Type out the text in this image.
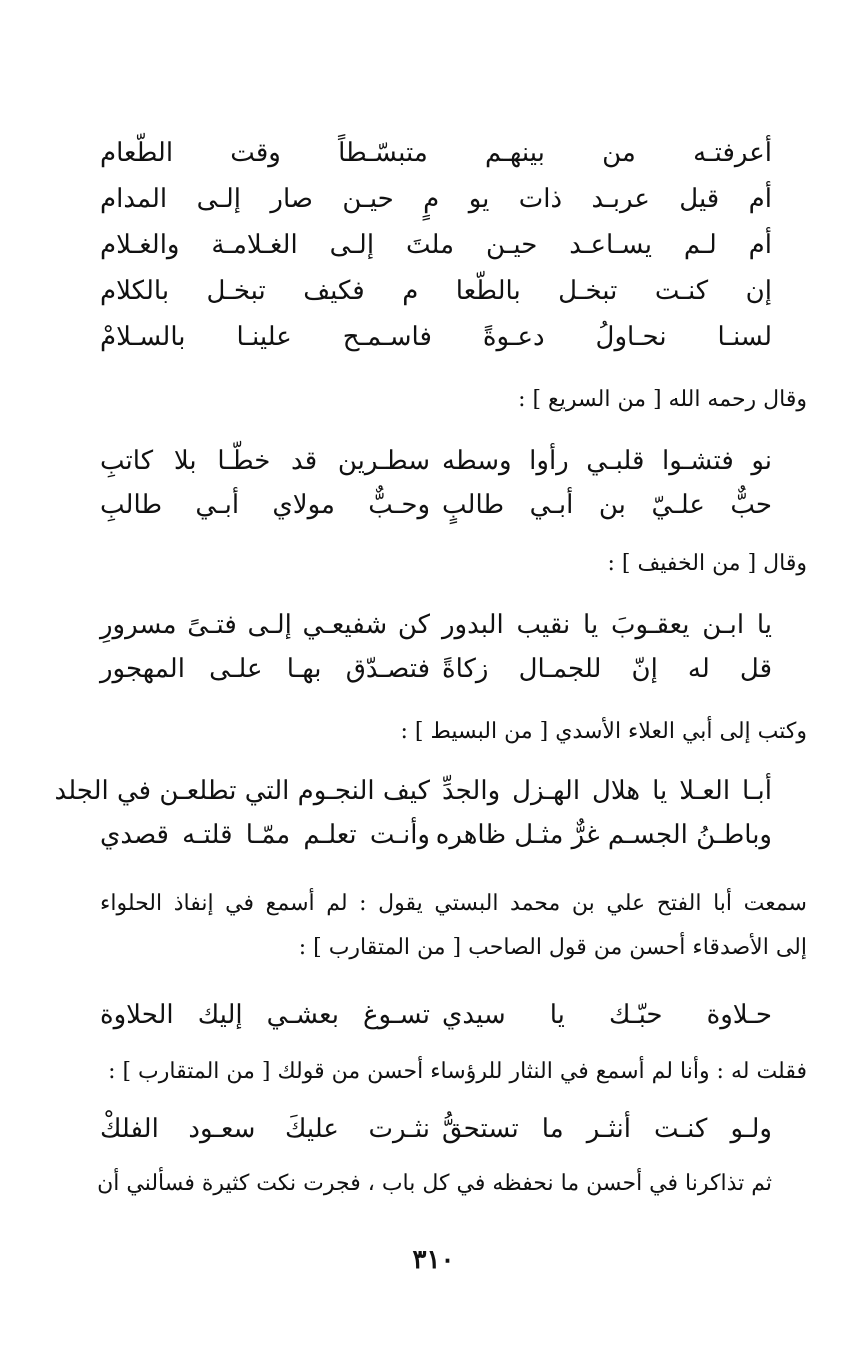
أعرفتـه من بينهـم متبسّـطاً وقت الطّعام
أم قيل عربـد ذات يو مٍ حيـن صار إلـى المدام
أم لـم يسـاعـد حيـن ملتَ إلـى الغـلامـة والغـلام
إن كنـت تبخـل بالطّعا م فكيف تبخـل بالكلام
لسنـا نحـاولُ دعـوةً فاسـمـح علينـا بالسـلامْ
وقال رحمه الله [ من السريع ] :
نو فتشـوا قلبـي رأوا وسطه
سطـرين قد خطّـا بلا كاتبِ
حبٌّ علـيّ بن أبـي طالبٍ
وحـبٌّ مولاي أبـي طالبِ
وقال [ من الخفيف ] :
يا ابـن يعقـوبَ يا نقيب البدور
كن شفيعـي إلـى فتـىً مسرورِ
قل له إنّ للجمـال زكاةً
فتصـدّق بهـا علـى المهجور
وكتب إلى أبي العلاء الأسدي [ من البسيط ] :
أبـا العـلا يا هلال الهـزل والجدِّ
كيف النجـوم التي تطلعـن في الجلد
وباطـنُ الجسـم غرٌّ مثـل ظاهره
وأنـت تعلـم ممّـا قلتـه قصدي
سمعت أبا الفتح علي بن محمد البستي يقول : لم أسمع في إنفاذ الحلواء
إلى الأصدقاء أحسن من قول الصاحب [ من المتقارب ] :
حـلاوة حبّـك يا سيدي
تسـوغ بعشـي إليك الحلاوة
فقلت له : وأنا لم أسمع في النثار للرؤساء أحسن من قولك [ من المتقارب ] :
ولـو كنـت أنثـر ما تستحقُّ
نثـرت عليكَ سعـود الفلكْ
ثم تذاكرنا في أحسن ما نحفظه في كل باب ، فجرت نكت كثيرة فسألني أن
٣١٠
